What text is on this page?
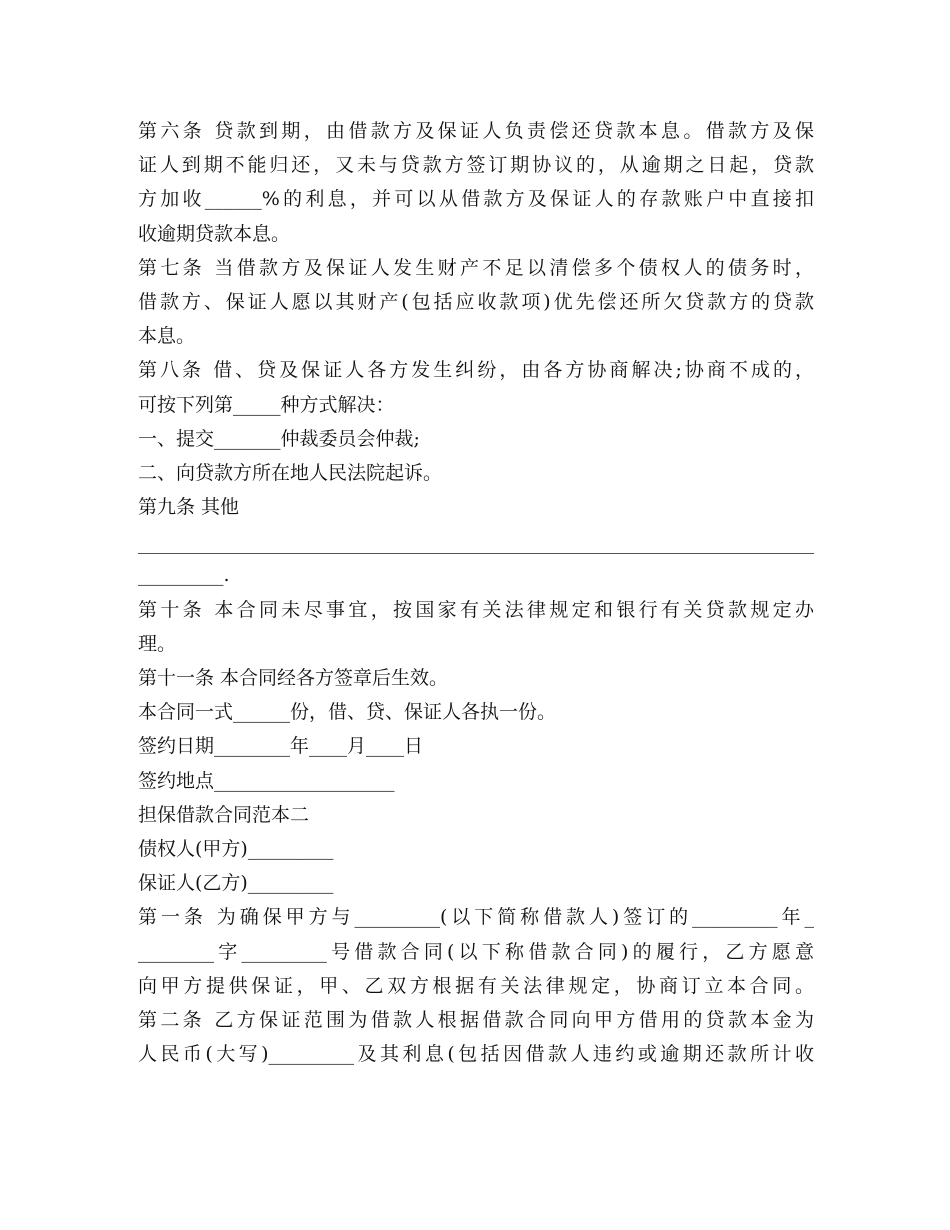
第六条 贷款到期，由借款方及保证人负责偿还贷款本息。借款方及保
证人到期不能归还，又未与贷款方签订期协议的，从逾期之日起，贷款
方加收______%的利息，并可以从借款方及保证人的存款账户中直接扣
收逾期贷款本息。
第七条 当借款方及保证人发生财产不足以清偿多个债权人的债务时，
借款方、保证人愿以其财产(包括应收款项)优先偿还所欠贷款方的贷款
本息。
第八条 借、贷及保证人各方发生纠纷，由各方协商解决;协商不成的，
可按下列第_____种方式解决：
一、提交_______仲裁委员会仲裁;
二、向贷款方所在地人民法院起诉。
第九条 其他
_________.
第十条 本合同未尽事宜，按国家有关法律规定和银行有关贷款规定办
理。
第十一条 本合同经各方签章后生效。
本合同一式______份，借、贷、保证人各执一份。
签约日期________年____月____日
签约地点___________________
担保借款合同范本二
债权人(甲方)_________
保证人(乙方)_________
第一条 为确保甲方与_________(以下简称借款人)签订的_________年_
________字_________号借款合同(以下称借款合同)的履行，乙方愿意
向甲方提供保证，甲、乙双方根据有关法律规定，协商订立本合同。
第二条 乙方保证范围为借款人根据借款合同向甲方借用的贷款本金为
人民币(大写)_________及其利息(包括因借款人违约或逾期还款所计收
